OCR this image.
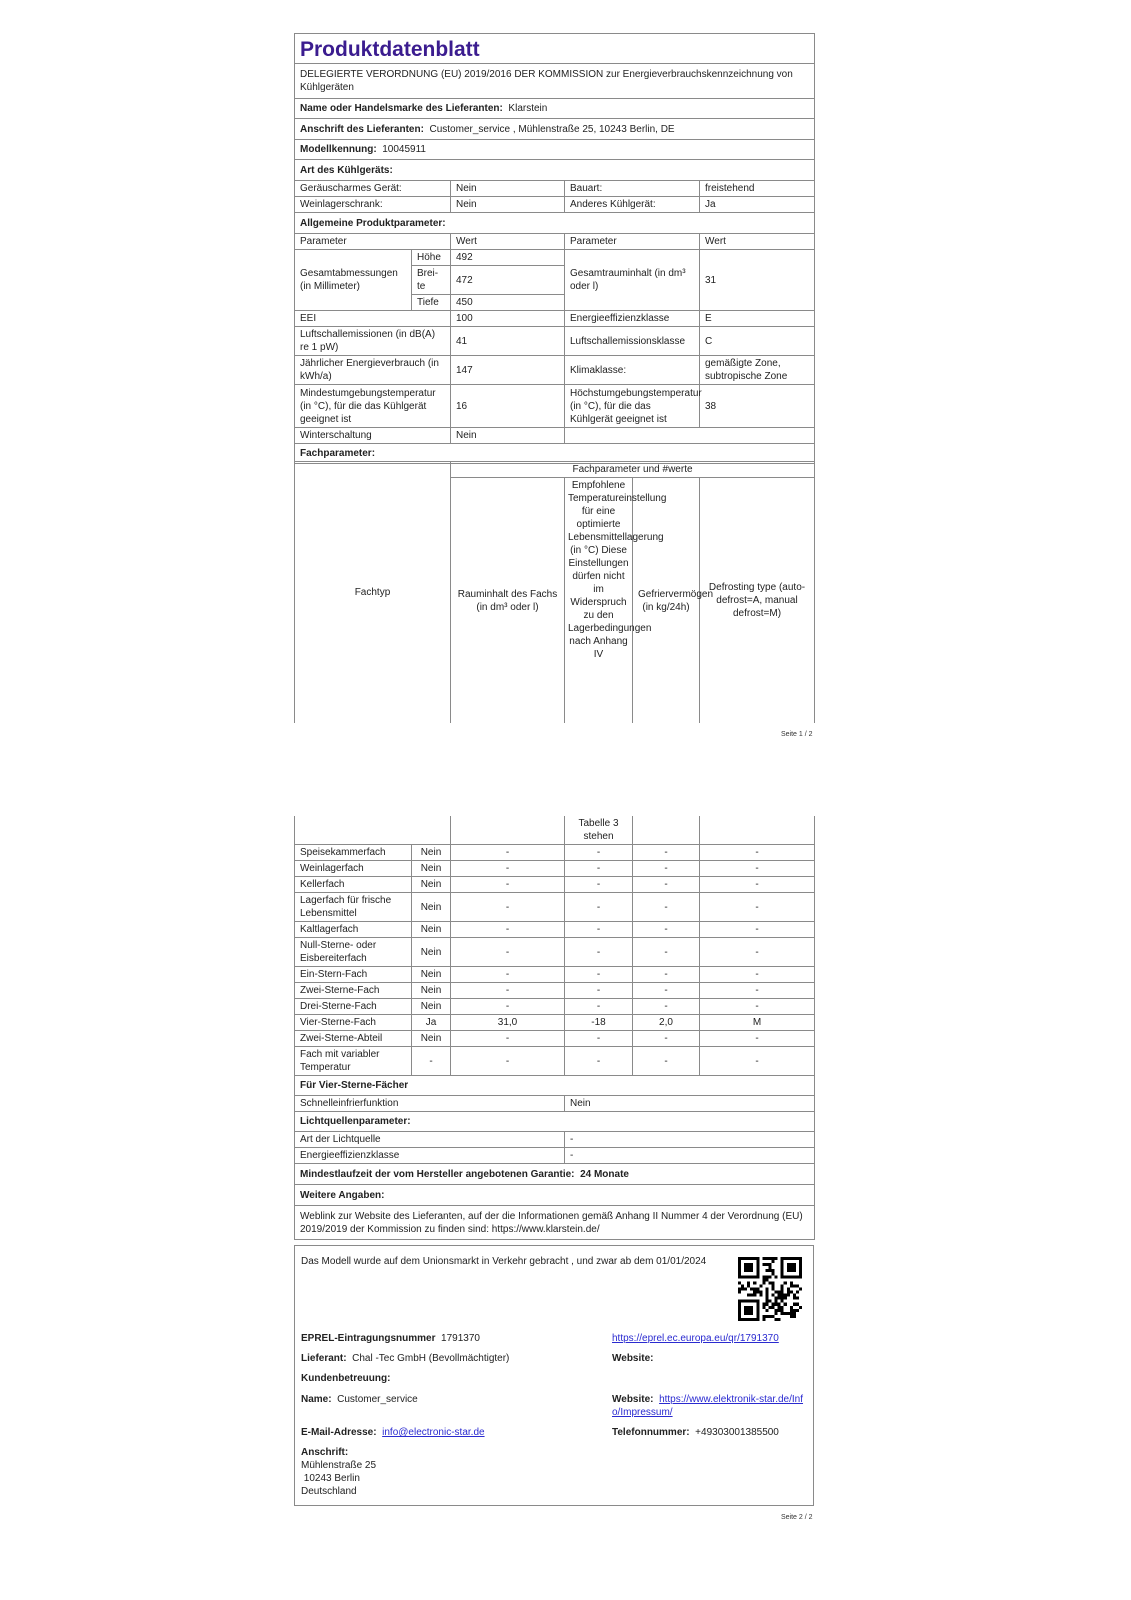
Produktdatenblatt				
DELEGIERTE VERORDNUNG (EU) 2019/2016 DER KOMMISSION zur Energieverbrauchskennzeichnung von Kühlgeräten				
Name oder Handelsmarke des Lieferanten: Klarstein				
Anschrift des Lieferanten: Customer_service , Mühlenstraße 25, 10243 Berlin, DE				
Modellkennung: 10045911				
Art des Kühlgeräts:				
Geräuscharmes Gerät:		Nein	Bauart:	freistehend
Weinlagerschrank:		Nein	Anderes Kühlgerät:	Ja
Allgemeine Produktparameter:				
Parameter		Wert	Parameter	Wert
Gesamtabmessungen (in Millimeter)	Höhe	492	Gesamtrauminhalt (in dm³ oder l)	31
	Brei-te	472		
	Tiefe	450		
EEI		100	Energieeffizienzklasse	E
Luftschallemissionen (in dB(A) re 1 pW)		41	Luftschallemissionsklasse	C
Jährlicher Energieverbrauch (in kWh/a)		147	Klimaklasse:	gemäßigte Zone, subtropische Zone
Mindestumgebungstemperatur (in °C), für die das Kühlgerät geeignet ist		16	Höchstumgebungstemperatur (in °C), für die das Kühlgerät geeignet ist	38
Winterschaltung		Nein		
Fachparameter:				
Fachtyp	Fachparameter und #werte			
	Rauminhalt des Fachs (in dm³ oder l)	Empfohlene Temperatureinstellung für eine optimierte Lebensmittellagerung (in °C) Diese Einstellungen dürfen nicht im Widerspruch zu den Lagerbedingungen nach Anhang IV	Gefriervermögen (in kg/24h)	Defrosting type (auto-defrost=A, manual defrost=M)
Seite 1 / 2
			Tabelle 3 stehen		
Speisekammerfach	Nein	-	-	-	-
Weinlagerfach	Nein	-	-	-	-
Kellerfach	Nein	-	-	-	-
Lagerfach für frische Lebensmittel	Nein	-	-	-	-
Kaltlagerfach	Nein	-	-	-	-
Null-Sterne- oder Eisbereiterfach	Nein	-	-	-	-
Ein-Stern-Fach	Nein	-	-	-	-
Zwei-Sterne-Fach	Nein	-	-	-	-
Drei-Sterne-Fach	Nein	-	-	-	-
Vier-Sterne-Fach	Ja	31,0	-18	2,0	M
Zwei-Sterne-Abteil	Nein	-	-	-	-
Fach mit variabler Temperatur	-	-	-	-	-
Für Vier-Sterne-Fächer					
Schnelleinfrierfunktion			Nein		
Lichtquellenparameter:					
Art der Lichtquelle			-		
Energieeffizienzklasse			-		
Mindestlaufzeit der vom Hersteller angebotenen Garantie: 24 Monate					
Weitere Angaben:					
Weblink zur Website des Lieferanten, auf der die Informationen gemäß Anhang II Nummer 4 der Verordnung (EU) 2019/2019 der Kommission zu finden sind: https://www.klarstein.de/					
Seite 2 / 2
Das Modell wurde auf dem Unionsmarkt in Verkehr gebracht , und zwar ab dem 01/01/2024
EPREL-Eintragungsnummer 1791370	https://eprel.ec.europa.eu/qr/1791370
Lieferant: Chal -Tec GmbH (Bevollmächtigter)	Website:
Kundenbetreuung:
Name: Customer_service	Website: https://www.elektronik-star.de/Info/Impressum/
E-Mail-Adresse: info@electronic-star.de	Telefonnummer: +49303001385500
Anschrift:
Mühlenstraße 25
10243 Berlin
Deutschland
